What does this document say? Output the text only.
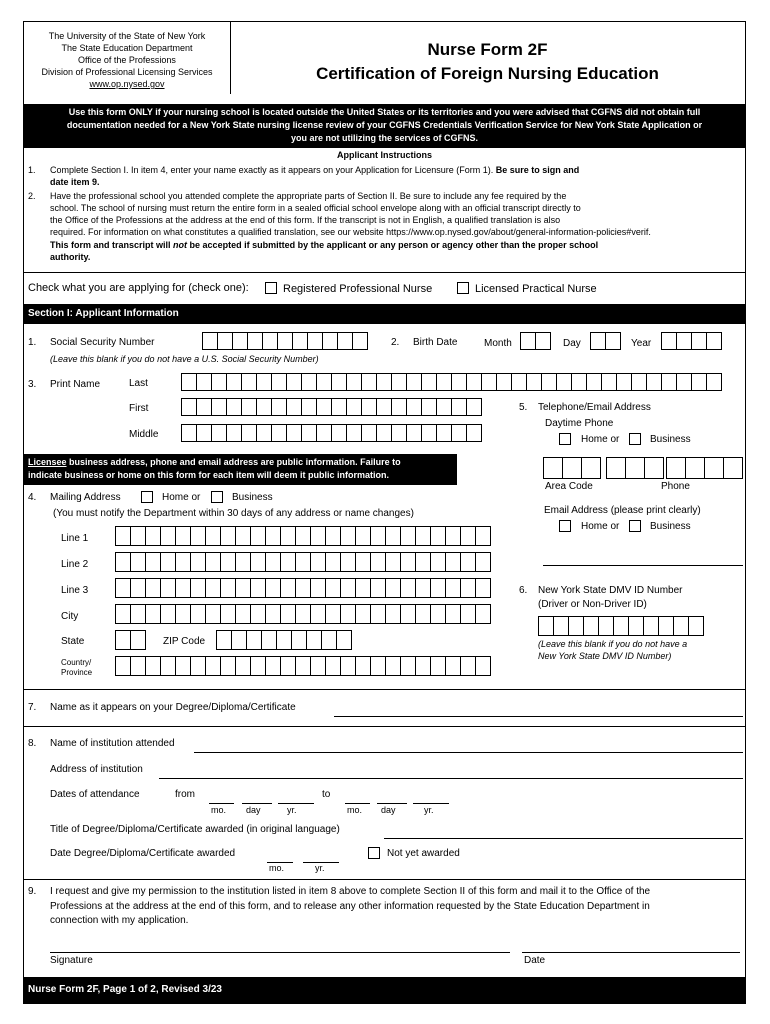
The University of the State of New York
The State Education Department
Office of the Professions
Division of Professional Licensing Services
www.op.nysed.gov
Nurse Form 2F
Certification of Foreign Nursing Education
Use this form ONLY if your nursing school is located outside the United States or its territories and you were advised that CGFNS did not obtain full
documentation needed for a New York State nursing license review of your CGFNS Credentials Verification Service for New York State Application or
you are not utilizing the services of CGFNS.
Applicant Instructions
1. Complete Section I. In item 4, enter your name exactly as it appears on your Application for Licensure (Form 1). Be sure to sign and
date item 9.
2. Have the professional school you attended complete the appropriate parts of Section II. Be sure to include any fee required by the
school. The school of nursing must return the entire form in a sealed official school envelope along with an official transcript directly to
the Office of the Professions at the address at the end of this form. If the transcript is not in English, a qualified translation is also
required. For information on what constitutes a qualified translation, see our website https://www.op.nysed.gov/about/general-information-policies#verif.
This form and transcript will not be accepted if submitted by the applicant or any person or agency other than the proper school
authority.
Check what you are applying for (check one):	Registered Professional Nurse	Licensed Practical Nurse
Section I: Applicant Information
1. Social Security Number
(Leave this blank if you do not have a U.S. Social Security Number)
2. Birth Date	Month	Day	Year
3. Print Name	Last
First
Middle
5. Telephone/Email Address
Daytime Phone
Home or	Business
Area Code	Phone
Email Address (please print clearly)
Home or	Business
Licensee business address, phone and email address are public information. Failure to
indicate business or home on this form for each item will deem it public information.
4. Mailing Address	Home or	Business
(You must notify the Department within 30 days of any address or name changes)
Line 1
Line 2
Line 3
City
State	ZIP Code
Country/
Province
6. New York State DMV ID Number
(Driver or Non-Driver ID)
(Leave this blank if you do not have a
New York State DMV ID Number)
7. Name as it appears on your Degree/Diploma/Certificate
8. Name of institution attended
Address of institution
Dates of attendance	from
mo. day	yr.
to
mo. day	yr.
Title of Degree/Diploma/Certificate awarded (in original language)
Date Degree/Diploma/Certificate awarded
mo.	yr.
Not yet awarded
9. I request and give my permission to the institution listed in item 8 above to complete Section II of this form and mail it to the Office of the
Professions at the address at the end of this form, and to release any other information requested by the State Education Department in
connection with my application.
Signature	Date
Nurse Form 2F, Page 1 of 2, Revised 3/23
